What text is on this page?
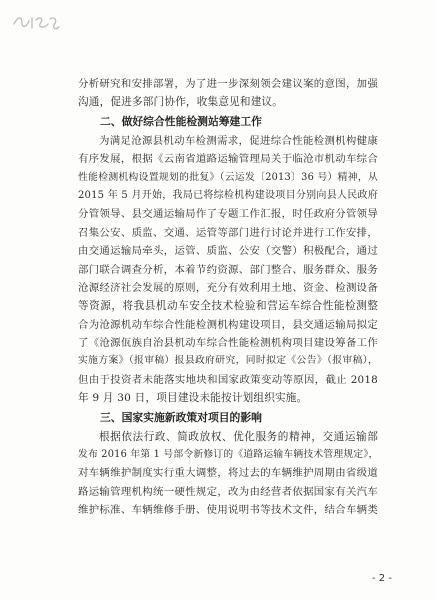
分析研究和安排部署，为了进一步深刻领会建议案的意图，加强
沟通，促进多部门协作，收集意见和建议。
二、做好综合性能检测站筹建工作
为满足沧源县机动车检测需求，促进综合性能检测机构健康
有序发展，根据《云南省道路运输管理局关于临沧市机动车综合
性能检测机构设置规划的批复》（云运发〔2013〕36 号）精神，从
2015 年 5 月开始，我局已将综检机构建设项目分别向县人民政府
分管领导、县交通运输局作了专题工作汇报，时任政府分管领导
召集公安、质监、交通、运管等部门进行讨论并进行工作安排，
由交通运输局牵头，运管、质监、公安（交警）积极配合，通过
部门联合调查分析，本着节约资源、部门整合、服务群众、服务
沧源经济社会发展的原则，充分有效利用土地、资金、检测设备
等资源，将我县机动车安全技术检验和营运车综合性能检测整
合为沧源机动车综合性能检测机构建设项目，县交通运输局拟定
了《沧源佤族自治县机动车综合性能检测机构项目建设筹备工作
实施方案》（报审稿）报县政府研究，同时拟定《公告》（报审稿），
但由于投资者未能落实地块和国家政策变动等原因，截止 2018
年 9 月 30 日，项目建设未能按计划组织实施。
三、国家实施新政策对项目的影响
根据依法行政、简政放权、优化服务的精神，交通运输部
发布 2016 年第 1 号部令新修订的《道路运输车辆技术管理规定》，
对车辆维护制度实行重大调整，将过去的车辆维护周期由省级道
路运输管理机构统一硬性规定，改为由经营者依据国家有关汽车
维护标准、车辆维修手册、使用说明书等技术文件，结合车辆类
- 2 -
